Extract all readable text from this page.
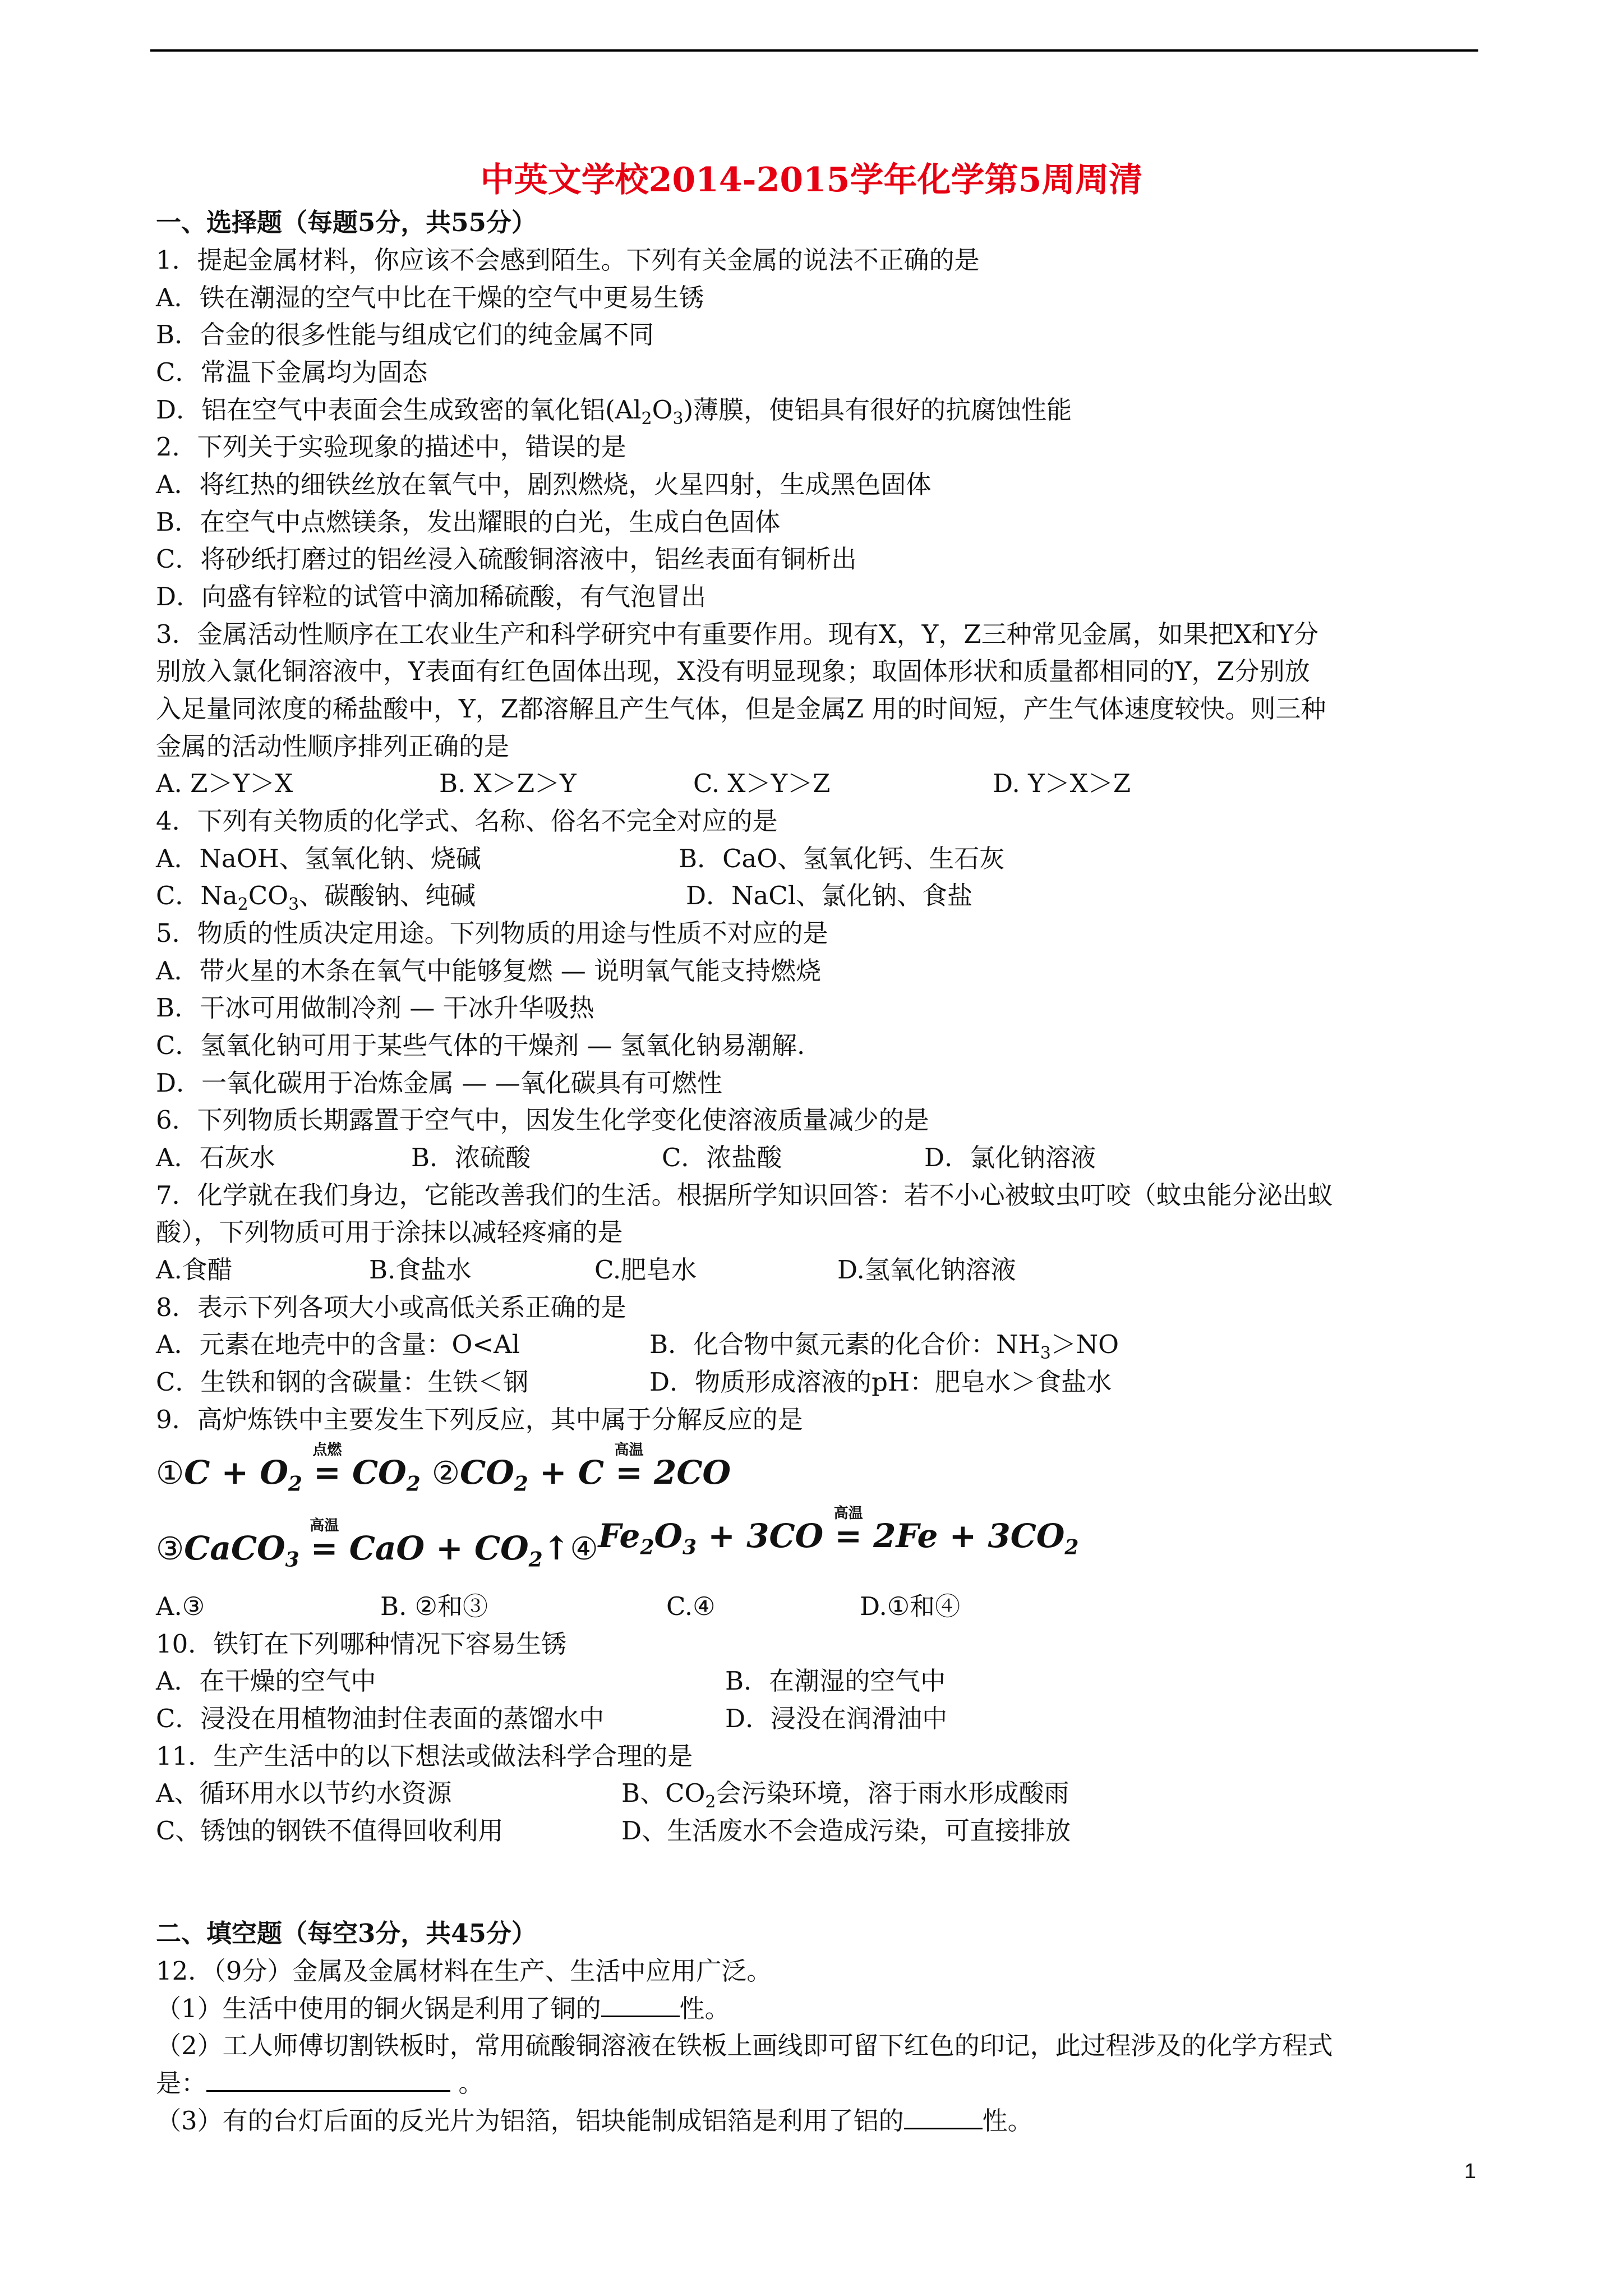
中英文学校2014-2015学年化学第5周周清
一、选择题（每题5分，共55分）
1．提起金属材料，你应该不会感到陌生。下列有关金属的说法不正确的是
A．铁在潮湿的空气中比在干燥的空气中更易生锈
B．合金的很多性能与组成它们的纯金属不同
C．常温下金属均为固态
D．铝在空气中表面会生成致密的氧化铝$(Al_2O_3)$薄膜，使铝具有很好的抗腐蚀性能
2．下列关于实验现象的描述中，错误的是
A．将红热的细铁丝放在氧气中，剧烈燃烧，火星四射，生成黑色固体
B．在空气中点燃镁条，发出耀眼的白光，生成白色固体
C．将砂纸打磨过的铝丝浸入硫酸铜溶液中，铝丝表面有铜析出
D．向盛有锌粒的试管中滴加稀硫酸，有气泡冒出
3．金属活动性顺序在工农业生产和科学研究中有重要作用。现有X，Y，Z三种常见金属，如果把X和Y分
别放入氯化铜溶液中，Y表面有红色固体出现，X没有明显现象；取固体形状和质量都相同的Y，Z分别放
入足量同浓度的稀盐酸中，Y，Z都溶解且产生气体，但是金属Z 用的时间短，产生气体速度较快。则三种
金属的活动性顺序排列正确的是
A. Z＞Y＞X	B. X＞Z＞Y	C. X＞Y＞Z	D. Y＞X＞Z
4．下列有关物质的化学式、名称、俗名不完全对应的是
A．NaOH、氢氧化钠、烧碱	B．CaO、氢氧化钙、生石灰
C．$Na_2CO_3$、碳酸钠、纯碱	D．NaCl、氯化钠、食盐
5．物质的性质决定用途。下列物质的用途与性质不对应的是
A．带火星的木条在氧气中能够复燃 — 说明氧气能支持燃烧
B．干冰可用做制冷剂 — 干冰升华吸热
C．氢氧化钠可用于某些气体的干燥剂 — 氢氧化钠易潮解.
D．一氧化碳用于冶炼金属 — —氧化碳具有可燃性
6．下列物质长期露置于空气中，因发生化学变化使溶液质量减少的是
A．石灰水	B．浓硫酸	C．浓盐酸	D．氯化钠溶液
7．化学就在我们身边，它能改善我们的生活。根据所学知识回答：若不小心被蚊虫叮咬（蚊虫能分泌出蚁
酸），下列物质可用于涂抹以减轻疼痛的是
A.食醋	B.食盐水	C.肥皂水	D.氢氧化钠溶液
8．表示下列各项大小或高低关系正确的是
A．元素在地壳中的含量：O<Al	B．化合物中氮元素的化合价：$NH_3>NO$
C．生铁和钢的含碳量：生铁＜钢	D．物质形成溶液的pH：肥皂水＞食盐水
9．高炉炼铁中主要发生下列反应，其中属于分解反应的是
①C + $O_2$
点燃
= $CO_2$ $②CO_2 + C$
高温
= 2CO
③CaCO$_3$
高温
= CaO + $CO_2↑④Fe_2O_3 + 3CO$
高温
= $2Fe + 3CO_2$
A.③	B. ②和③	C.④	D.①和④
10．铁钉在下列哪种情况下容易生锈
A．在干燥的空气中	B．在潮湿的空气中
C．浸没在用植物油封住表面的蒸馏水中	D．浸没在润滑油中
11．生产生活中的以下想法或做法科学合理的是
A、循环用水以节约水资源	B、$CO_2$会污染环境，溶于雨水形成酸雨
C、锈蚀的钢铁不值得回收利用	D、生活废水不会造成污染，可直接排放
二、填空题（每空3分，共45分）
12．（9分）金属及金属材料在生产、生活中应用广泛。
（1）生活中使用的铜火锅是利用了铜的	性。
（2）工人师傅切割铁板时，常用硫酸铜溶液在铁板上画线即可留下红色的印记，此过程涉及的化学方程式
是：	。
（3）有的台灯后面的反光片为铝箔，铝块能制成铝箔是利用了铝的	性。
1
